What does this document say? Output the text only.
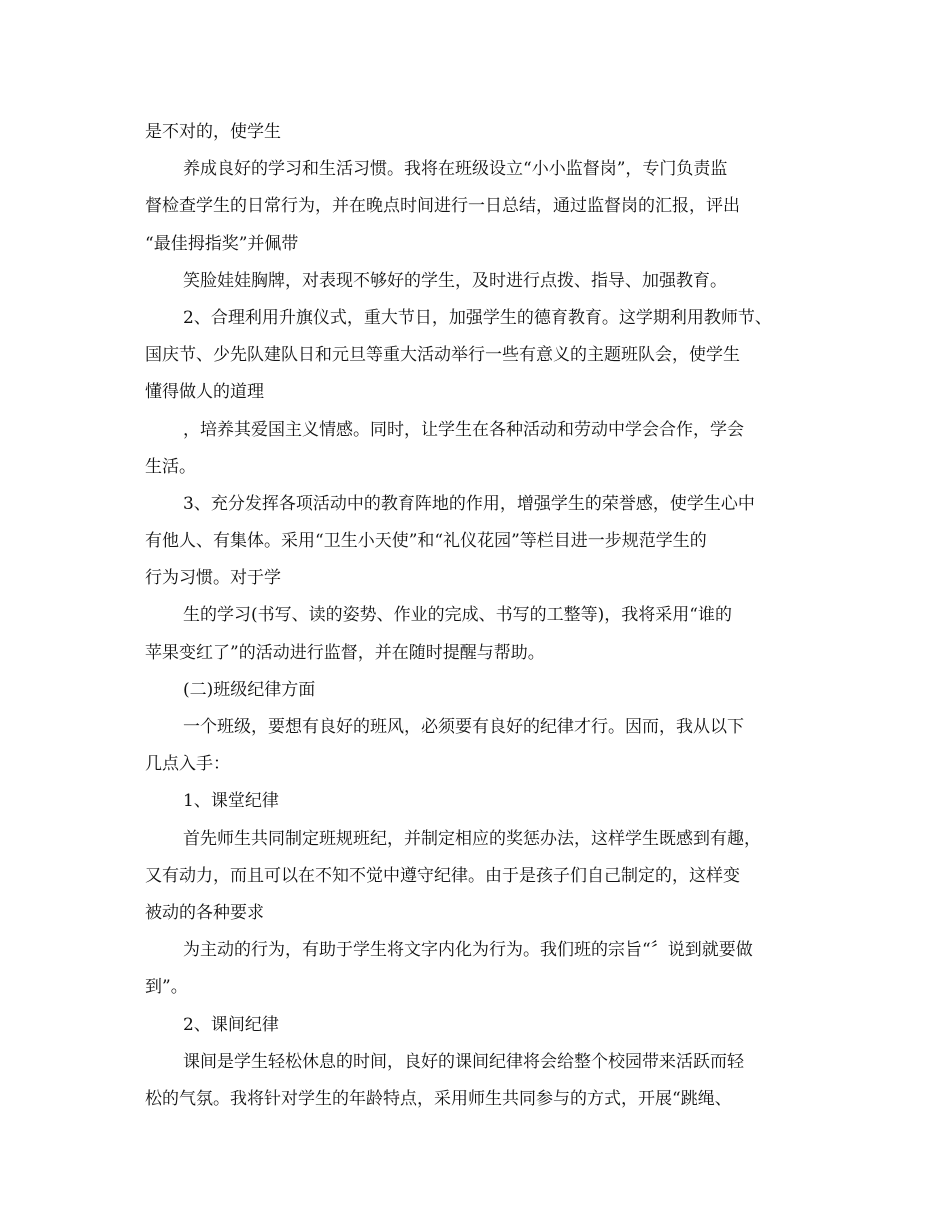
是不对的，使学生
养成良好的学习和生活习惯。我将在班级设立“小小监督岗”，专门负责监
督检查学生的日常行为，并在晚点时间进行一日总结，通过监督岗的汇报，评出
“最佳拇指奖”并佩带
笑脸娃娃胸牌，对表现不够好的学生，及时进行点拨、指导、加强教育。
2、合理利用升旗仪式，重大节日，加强学生的德育教育。这学期利用教师节、
国庆节、少先队建队日和元旦等重大活动举行一些有意义的主题班队会，使学生
懂得做人的道理
，培养其爱国主义情感。同时，让学生在各种活动和劳动中学会合作，学会
生活。
3、充分发挥各项活动中的教育阵地的作用，增强学生的荣誉感，使学生心中
有他人、有集体。采用“卫生小天使”和“礼仪花园”等栏目进一步规范学生的
行为习惯。对于学
生的学习(书写、读的姿势、作业的完成、书写的工整等)，我将采用“谁的
苹果变红了”的活动进行监督，并在随时提醒与帮助。
(二)班级纪律方面
一个班级，要想有良好的班风，必须要有良好的纪律才行。因而，我从以下
几点入手：
1、课堂纪律
首先师生共同制定班规班纪，并制定相应的奖惩办法，这样学生既感到有趣，
又有动力，而且可以在不知不觉中遵守纪律。由于是孩子们自己制定的，这样变
被动的各种要求
为主动的行为，有助于学生将文字内化为行为。我们班的宗旨“〞说到就要做
到”。
2、课间纪律
课间是学生轻松休息的时间，良好的课间纪律将会给整个校园带来活跃而轻
松的气氛。我将针对学生的年龄特点，采用师生共同参与的方式，开展“跳绳、
